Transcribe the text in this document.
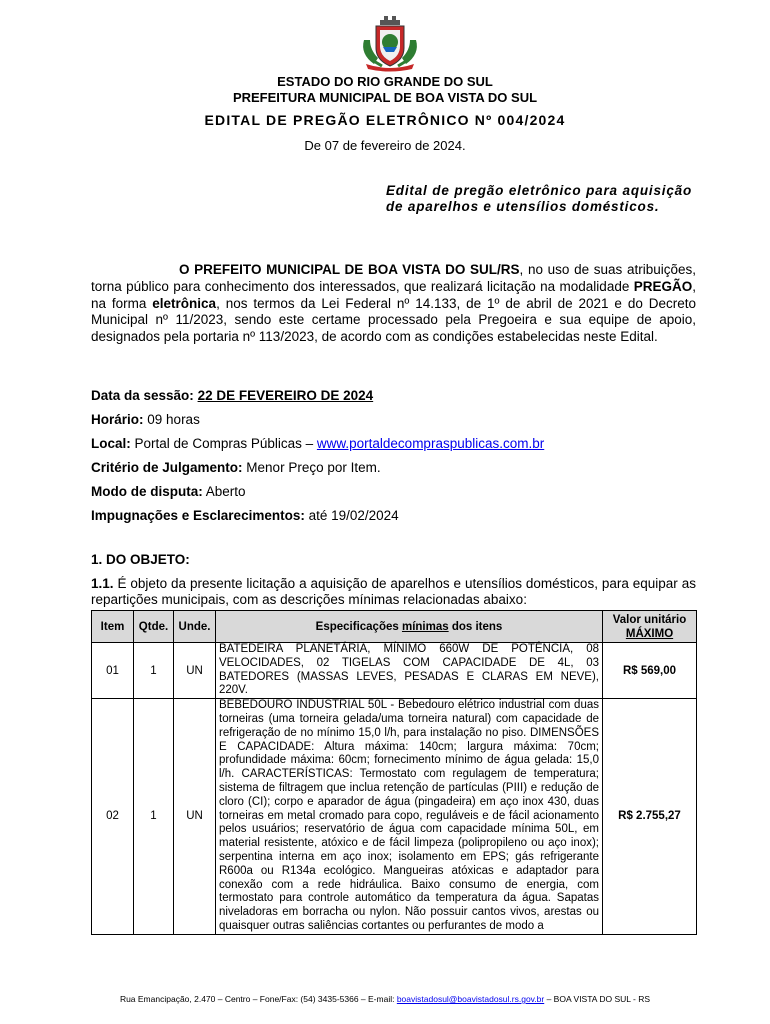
ESTADO DO RIO GRANDE DO SUL
PREFEITURA MUNICIPAL DE BOA VISTA DO SUL
EDITAL DE PREGÃO ELETRÔNICO Nº 004/2024
De 07 de fevereiro de 2024.
Edital de pregão eletrônico para aquisição de aparelhos e utensílios domésticos.
O PREFEITO MUNICIPAL DE BOA VISTA DO SUL/RS, no uso de suas atribuições, torna público para conhecimento dos interessados, que realizará licitação na modalidade PREGÃO, na forma eletrônica, nos termos da Lei Federal nº 14.133, de 1º de abril de 2021 e do Decreto Municipal nº 11/2023, sendo este certame processado pela Pregoeira e sua equipe de apoio, designados pela portaria nº 113/2023, de acordo com as condições estabelecidas neste Edital.
Data da sessão: 22 DE FEVEREIRO DE 2024
Horário: 09 horas
Local: Portal de Compras Públicas – www.portaldecompraspublicas.com.br
Critério de Julgamento: Menor Preço por Item.
Modo de disputa: Aberto
Impugnações e Esclarecimentos: até 19/02/2024
1. DO OBJETO:
1.1. É objeto da presente licitação a aquisição de aparelhos e utensílios domésticos, para equipar as repartições municipais, com as descrições mínimas relacionadas abaixo:
Item	Qtde.	Unde.	Especificações mínimas dos itens	Valor unitário
MÁXIMO
01	1	UN	BATEDEIRA PLANETÁRIA, MÍNIMO 660W DE POTÊNCIA, 08 VELOCIDADES, 02 TIGELAS COM CAPACIDADE DE 4L, 03 BATEDORES (MASSAS LEVES, PESADAS E CLARAS EM NEVE), 220V.	R$ 569,00
02	1	UN	BEBEDOURO INDUSTRIAL 50L - Bebedouro elétrico industrial com duas torneiras (uma torneira gelada/uma torneira natural) com capacidade de refrigeração de no mínimo 15,0 l/h, para instalação no piso. DIMENSÕES E CAPACIDADE: Altura máxima: 140cm; largura máxima: 70cm; profundidade máxima: 60cm; fornecimento mínimo de água gelada: 15,0 l/h. CARACTERÍSTICAS: Termostato com regulagem de temperatura; sistema de filtragem que inclua retenção de partículas (PIII) e redução de cloro (CI); corpo e aparador de água (pingadeira) em aço inox 430, duas torneiras em metal cromado para copo, reguláveis e de fácil acionamento pelos usuários; reservatório de água com capacidade mínima 50L, em material resistente, atóxico e de fácil limpeza (polipropileno ou aço inox); serpentina interna em aço inox; isolamento em EPS; gás refrigerante R600a ou R134a ecológico. Mangueiras atóxicas e adaptador para conexão com a rede hidráulica. Baixo consumo de energia, com termostato para controle automático da temperatura da água. Sapatas niveladoras em borracha ou nylon. Não possuir cantos vivos, arestas ou quaisquer outras saliências cortantes ou perfurantes de modo a	R$ 2.755,27
Rua Emancipação, 2.470 – Centro – Fone/Fax: (54) 3435-5366 – E-mail: boavistadosul@boavistadosul.rs.gov.br – BOA VISTA DO SUL - RS
